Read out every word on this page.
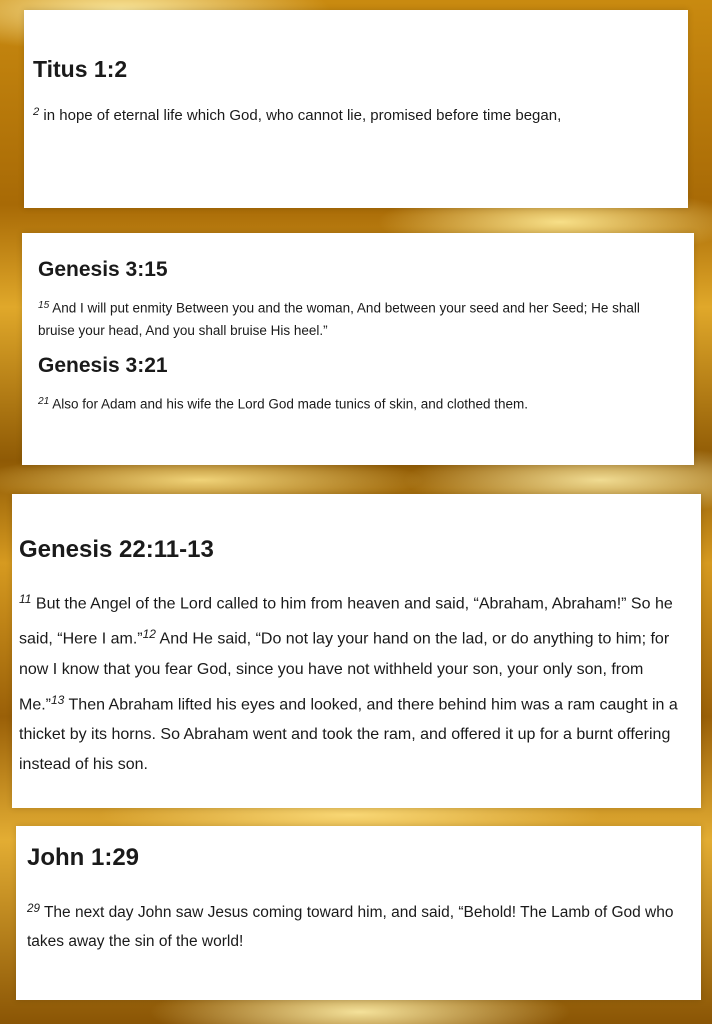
Titus 1:2

$^2$ in hope of eternal life which God, who cannot lie, promised before time began,

Genesis 3:15

$^{15}$ And I will put enmity Between you and the woman, And between your seed and her Seed; He shall bruise your head, And you shall bruise His heel.”

Genesis 3:21

$^{21}$ Also for Adam and his wife the Lord God made tunics of skin, and clothed them.

Genesis 22:11-13

$^{11}$ But the Angel of the Lord called to him from heaven and said, “Abraham, Abraham!” So he said, “Here I am.”$^{12}$ And He said, “Do not lay your hand on the lad, or do anything to him; for now I know that you fear God, since you have not withheld your son, your only son, from Me.”$^{13}$ Then Abraham lifted his eyes and looked, and there behind him was a ram caught in a thicket by its horns. So Abraham went and took the ram, and offered it up for a burnt offering instead of his son.

John 1:29

$^{29}$ The next day John saw Jesus coming toward him, and said, “Behold! The Lamb of God who takes away the sin of the world!
